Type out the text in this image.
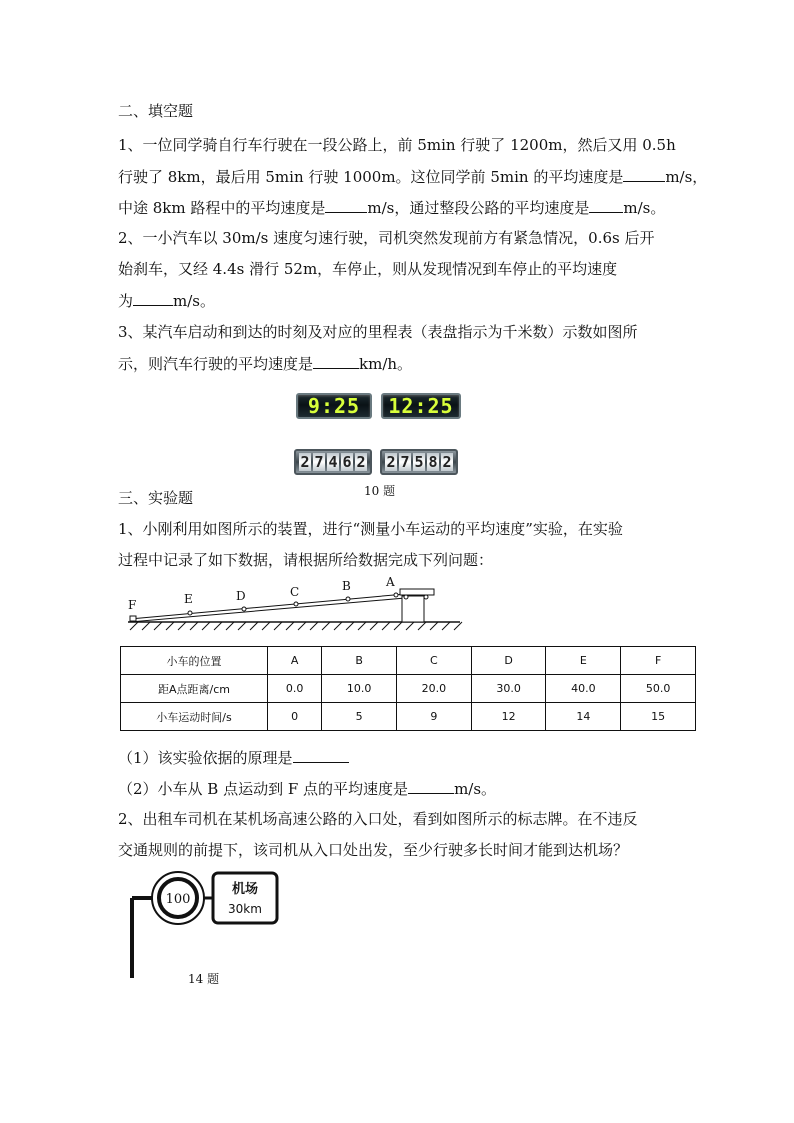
二、填空题
1、一位同学骑自行车行驶在一段公路上，前 5min 行驶了 1200m，然后又用 0.5h
行驶了 8km，最后用 5min 行驶 1000m。这位同学前 5min 的平均速度是	m/s，
中途 8km 路程中的平均速度是	m/s，通过整段公路的平均速度是 m/s。
2、一小汽车以 30m/s 速度匀速行驶，司机突然发现前方有紧急情况，0.6s 后开
始刹车，又经 4.4s 滑行 52m，车停止，则从发现情况到车停止的平均速度
为	m/s。
3、某汽车启动和到达的时刻及对应的里程表（表盘指示为千米数）示数如图所
示，则汽车行驶的平均速度是	km/h。
9:25	12:25
2 7 4 6 2 2 7 5 8 2
10 题
三、实验题
1、小刚利用如图所示的装置，进行“测量小车运动的平均速度”实验，在实验
过程中记录了如下数据，请根据所给数据完成下列问题：
F	E	D	C	B	A
小车的位置	A	B	C	D	E	F
距A点距离/cm	0.0	10.0	20.0	30.0	40.0	50.0
小车运动时间/s	0	5	9	12	14	15
（1）该实验依据的原理是
（2）小车从 B 点运动到 F 点的平均速度是	m/s。
2、出租车司机在某机场高速公路的入口处，看到如图所示的标志牌。在不违反
交通规则的前提下，该司机从入口处出发，至少行驶多长时间才能到达机场？
100
机场
30km
14 题
